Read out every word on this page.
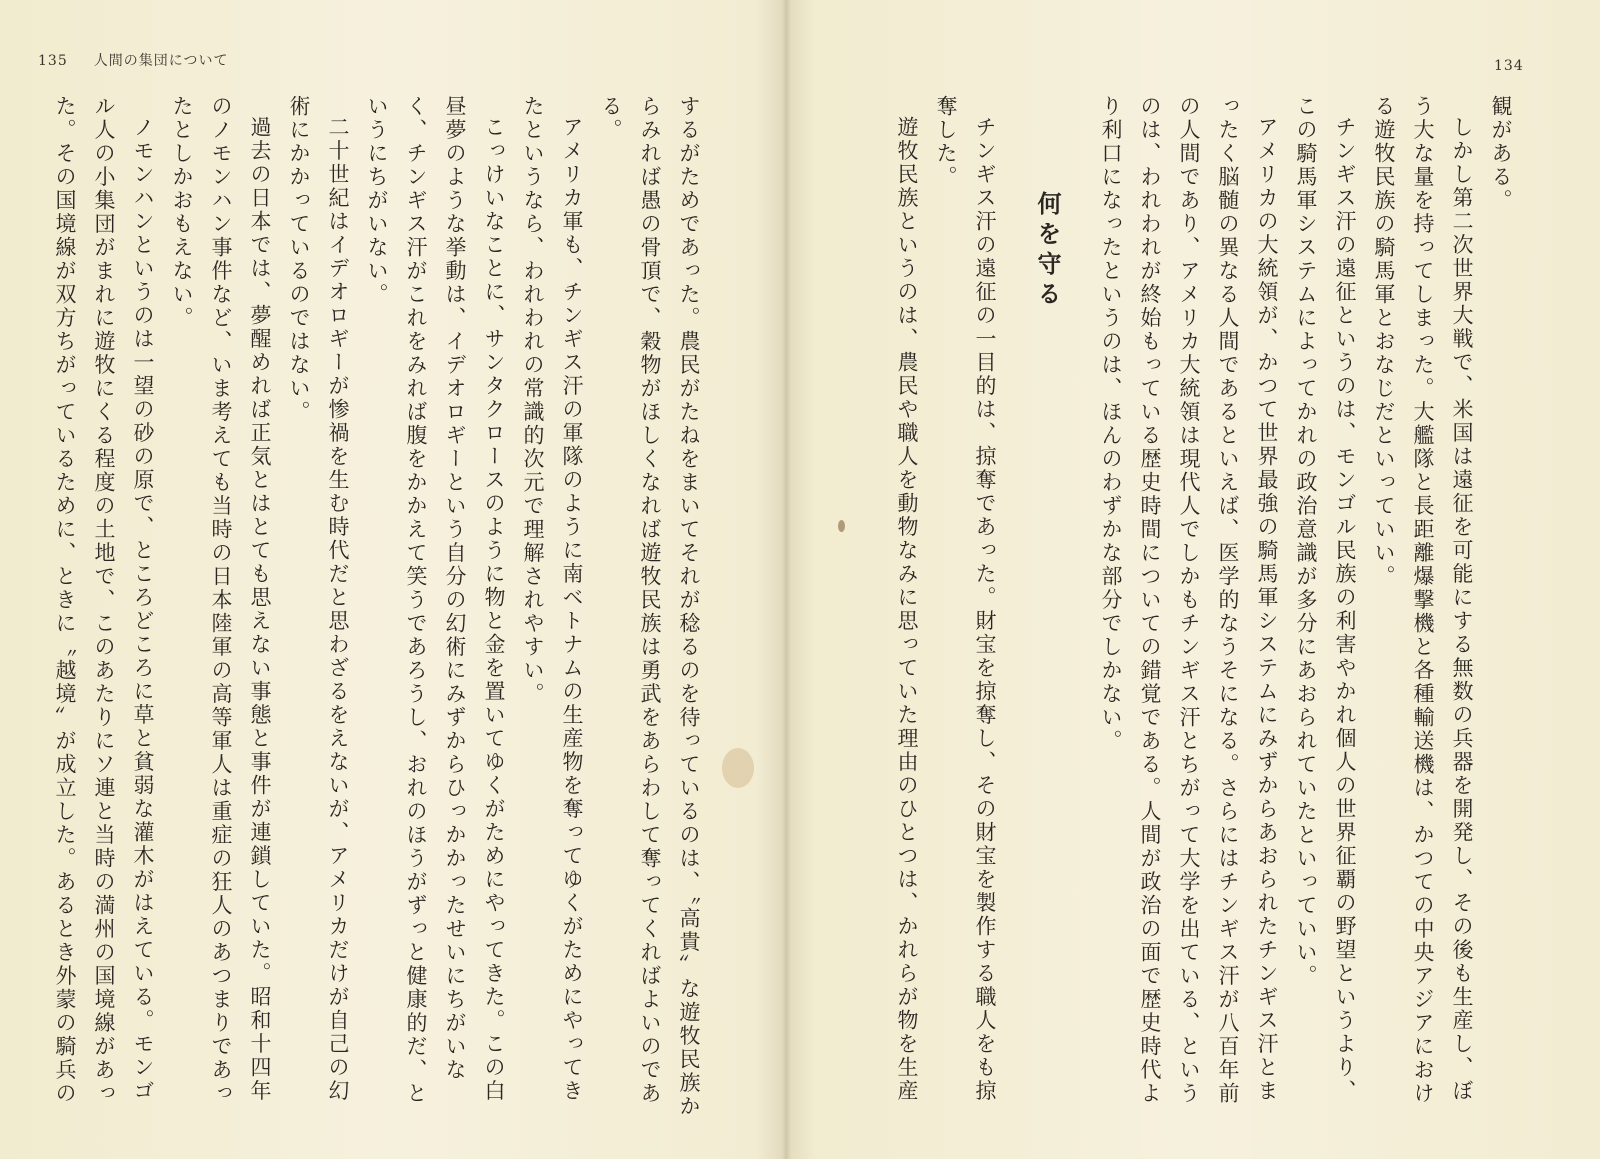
135 人間の集団について	134

観がある。

しかし第二次世界大戦で、米国は遠征を可能にする無数の兵器を開発し、その後も生産し、ぼう大な量を持ってしまった。大艦隊と長距離爆撃機と各種輸送機は、かつての中央アジアにおける遊牧民族の騎馬軍とおなじだといっていい。

チンギス汗の遠征というのは、モンゴル民族の利害やかれ個人の世界征覇の野望というより、この騎馬軍システムによってかれの政治意識が多分にあおられていたといっていい。

アメリカの大統領が、かつて世界最強の騎馬軍システムにみずからあおられたチンギス汗とまったく脳髄の異なる人間であるといえば、医学的なうそになる。さらにはチンギス汗が八百年前の人間であり、アメリカ大統領は現代人でしかもチンギス汗とちがって大学を出ている、というのは、われわれが終始もっている歴史時間についての錯覚である。人間が政治の面で歴史時代より利口になったというのは、ほんのわずかな部分でしかない。

何を守る

チンギス汗の遠征の一目的は、掠奪であった。財宝を掠奪し、その財宝を製作する職人をも掠奪した。

遊牧民族というのは、農民や職人を動物なみに思っていた理由のひとつは、かれらが物を生産

するがためであった。農民がたねをまいてそれが稔るのを待っているのは、〝高貴〟な遊牧民族からみれば愚の骨頂で、穀物がほしくなれば遊牧民族は勇武をあらわして奪ってくればよいのである。

アメリカ軍も、チンギス汗の軍隊のように南ベトナムの生産物を奪ってゆくがためにやってきたというなら、われわれの常識的次元で理解されやすい。

こっけいなことに、サンタクロースのように物と金を置いてゆくがためにやってきた。この白昼夢のような挙動は、イデオロギーという自分の幻術にみずからひっかかったせいにちがいなく、チンギス汗がこれをみれば腹をかかえて笑うであろうし、おれのほうがずっと健康的だ、というにちがいない。

二十世紀はイデオロギーが惨禍を生む時代だと思わざるをえないが、アメリカだけが自己の幻術にかかっているのではない。

過去の日本では、夢醒めれば正気とはとても思えない事態と事件が連鎖していた。昭和十四年のノモンハン事件など、いま考えても当時の日本陸軍の高等軍人は重症の狂人のあつまりであったとしかおもえない。

ノモンハンというのは一望の砂の原で、ところどころに草と貧弱な灌木がはえている。モンゴル人の小集団がまれに遊牧にくる程度の土地で、このあたりにソ連と当時の満州の国境線があった。その国境線が双方ちがっているために、ときに〝越境〟が成立した。あるとき外蒙の騎兵の
